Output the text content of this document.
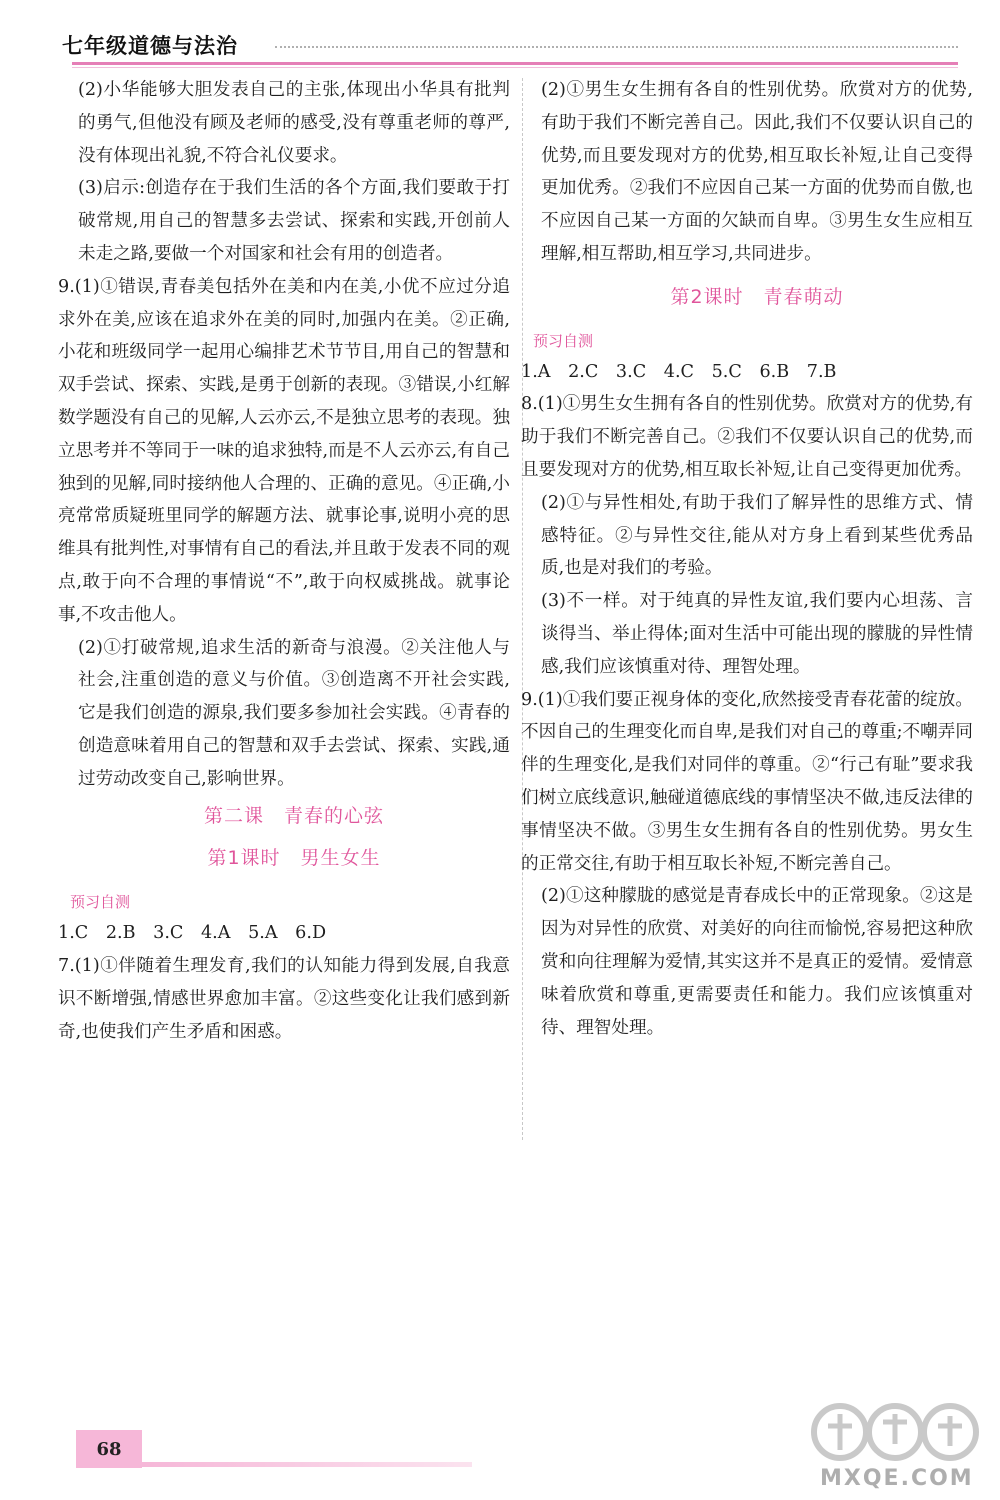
七年级道德与法治

(2)小华能够大胆发表自己的主张,体现出小华具有批判的勇气,但他没有顾及老师的感受,没有尊重老师的尊严,没有体现出礼貌,不符合礼仪要求。

(3)启示:创造存在于我们生活的各个方面,我们要敢于打破常规,用自己的智慧多去尝试、探索和实践,开创前人未走之路,要做一个对国家和社会有用的创造者。

9.(1)①错误,青春美包括外在美和内在美,小优不应过分追求外在美,应该在追求外在美的同时,加强内在美。②正确,小花和班级同学一起用心编排艺术节节目,用自己的智慧和双手尝试、探索、实践,是勇于创新的表现。③错误,小红解数学题没有自己的见解,人云亦云,不是独立思考的表现。独立思考并不等同于一味的追求独特,而是不人云亦云,有自己独到的见解,同时接纳他人合理的、正确的意见。④正确,小亮常常质疑班里同学的解题方法、就事论事,说明小亮的思维具有批判性,对事情有自己的看法,并且敢于发表不同的观点,敢于向不合理的事情说“不”,敢于向权威挑战。就事论事,不攻击他人。

(2)①打破常规,追求生活的新奇与浪漫。②关注他人与社会,注重创造的意义与价值。③创造离不开社会实践,它是我们创造的源泉,我们要多参加社会实践。④青春的创造意味着用自己的智慧和双手去尝试、探索、实践,通过劳动改变自己,影响世界。

第二课　青春的心弦

第1课时　男生女生

预习自测

1.C　2.B　3.C　4.A　5.A　6.D

7.(1)①伴随着生理发育,我们的认知能力得到发展,自我意识不断增强,情感世界愈加丰富。②这些变化让我们感到新奇,也使我们产生矛盾和困惑。

(2)①男生女生拥有各自的性别优势。欣赏对方的优势,有助于我们不断完善自己。因此,我们不仅要认识自己的优势,而且要发现对方的优势,相互取长补短,让自己变得更加优秀。②我们不应因自己某一方面的优势而自傲,也不应因自己某一方面的欠缺而自卑。③男生女生应相互理解,相互帮助,相互学习,共同进步。

第2课时　青春萌动

预习自测

1.A　2.C　3.C　4.C　5.C　6.B　7.B

8.(1)①男生女生拥有各自的性别优势。欣赏对方的优势,有助于我们不断完善自己。②我们不仅要认识自己的优势,而且要发现对方的优势,相互取长补短,让自己变得更加优秀。

(2)①与异性相处,有助于我们了解异性的思维方式、情感特征。②与异性交往,能从对方身上看到某些优秀品质,也是对我们的考验。

(3)不一样。对于纯真的异性友谊,我们要内心坦荡、言谈得当、举止得体;面对生活中可能出现的朦胧的异性情感,我们应该慎重对待、理智处理。

9.(1)①我们要正视身体的变化,欣然接受青春花蕾的绽放。不因自己的生理变化而自卑,是我们对自己的尊重;不嘲弄同伴的生理变化,是我们对同伴的尊重。②“行己有耻”要求我们树立底线意识,触碰道德底线的事情坚决不做,违反法律的事情坚决不做。③男生女生拥有各自的性别优势。男女生的正常交往,有助于相互取长补短,不断完善自己。

(2)①这种朦胧的感觉是青春成长中的正常现象。②这是因为对异性的欣赏、对美好的向往而愉悦,容易把这种欣赏和向往理解为爱情,其实这并不是真正的爱情。爱情意味着欣赏和尊重,更需要责任和能力。我们应该慎重对待、理智处理。

68
MXQE.COM
